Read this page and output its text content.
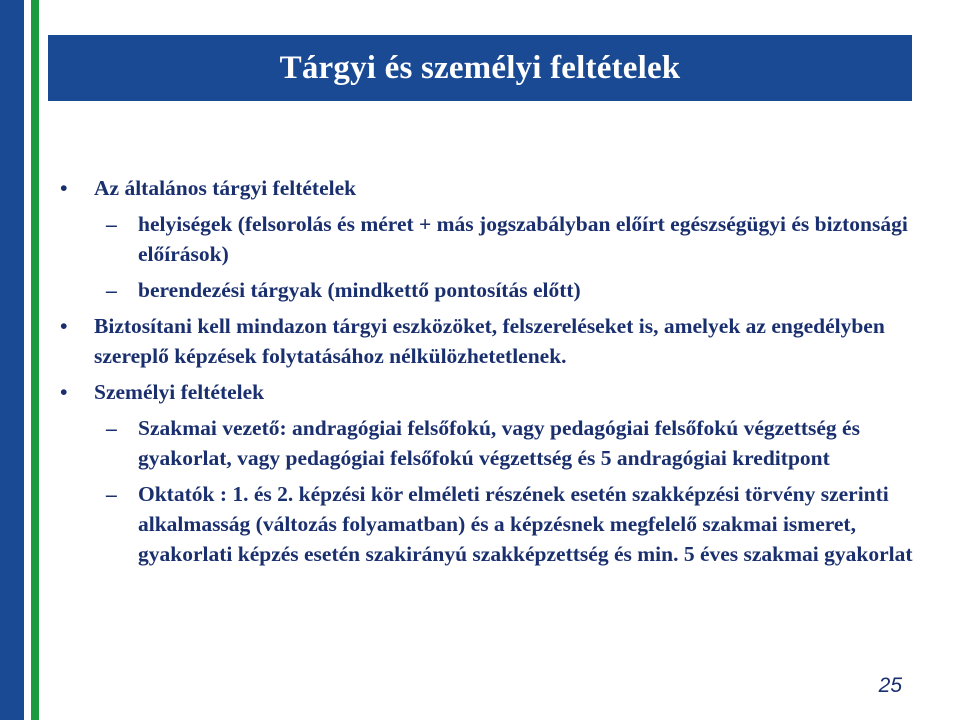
Tárgyi és személyi feltételek
• Az általános tárgyi feltételek
– helyiségek (felsorolás és méret + más jogszabályban előírt egészségügyi és biztonsági előírások)
– berendezési tárgyak (mindkettő pontosítás előtt)
• Biztosítani kell mindazon tárgyi eszközöket, felszereléseket is, amelyek az engedélyben szereplő képzések folytatásához nélkülözhetetlenek.
• Személyi feltételek
– Szakmai vezető: andragógiai felsőfokú, vagy pedagógiai felsőfokú végzettség és gyakorlat, vagy pedagógiai felsőfokú végzettség és 5 andragógiai kreditpont
– Oktatók : 1. és 2. képzési kör elméleti részének esetén szakképzési törvény szerinti alkalmasság (változás folyamatban) és a képzésnek megfelelő szakmai ismeret, gyakorlati képzés esetén szakirányú szakképzettség és min. 5 éves szakmai gyakorlat
25
